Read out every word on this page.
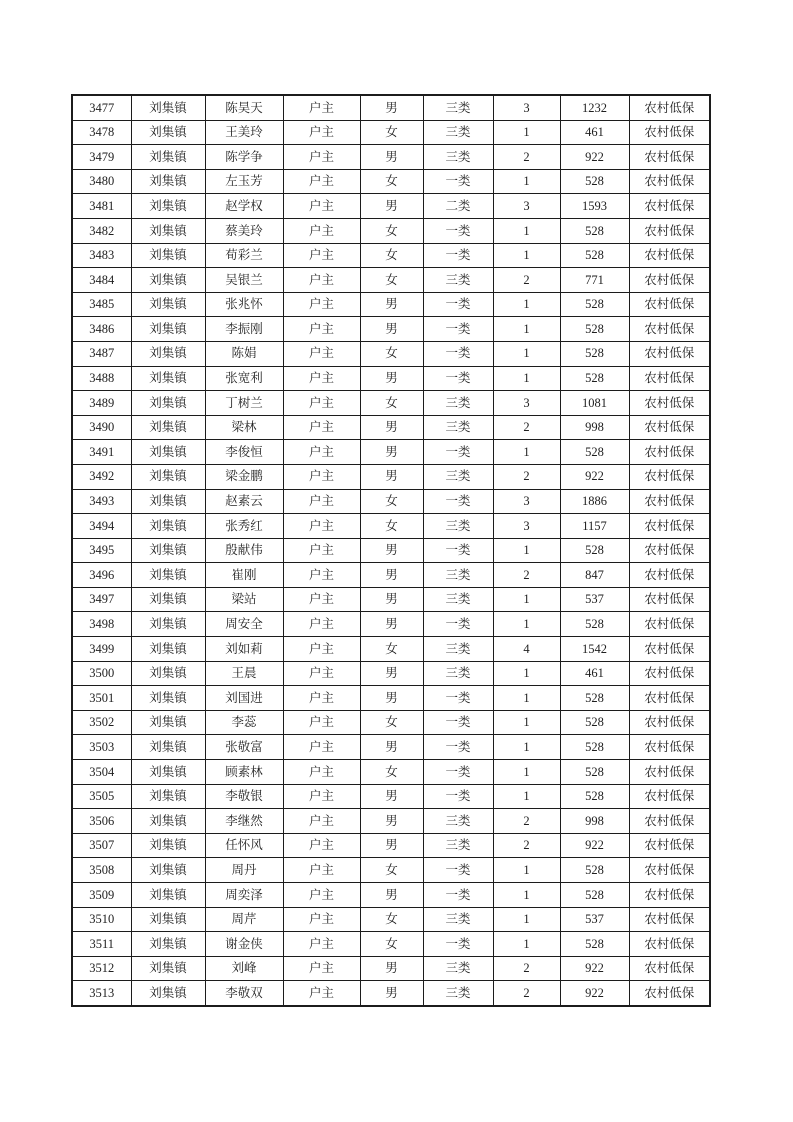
3477	刘集镇	陈昊天	户主	男	三类	3	1232	农村低保
3478	刘集镇	王美玲	户主	女	三类	1	461	农村低保
3479	刘集镇	陈学争	户主	男	三类	2	922	农村低保
3480	刘集镇	左玉芳	户主	女	一类	1	528	农村低保
3481	刘集镇	赵学权	户主	男	二类	3	1593	农村低保
3482	刘集镇	蔡美玲	户主	女	一类	1	528	农村低保
3483	刘集镇	荀彩兰	户主	女	一类	1	528	农村低保
3484	刘集镇	吴银兰	户主	女	三类	2	771	农村低保
3485	刘集镇	张兆怀	户主	男	一类	1	528	农村低保
3486	刘集镇	李振刚	户主	男	一类	1	528	农村低保
3487	刘集镇	陈娟	户主	女	一类	1	528	农村低保
3488	刘集镇	张宽利	户主	男	一类	1	528	农村低保
3489	刘集镇	丁树兰	户主	女	三类	3	1081	农村低保
3490	刘集镇	梁林	户主	男	三类	2	998	农村低保
3491	刘集镇	李俊恒	户主	男	一类	1	528	农村低保
3492	刘集镇	梁金鹏	户主	男	三类	2	922	农村低保
3493	刘集镇	赵素云	户主	女	一类	3	1886	农村低保
3494	刘集镇	张秀红	户主	女	三类	3	1157	农村低保
3495	刘集镇	殷献伟	户主	男	一类	1	528	农村低保
3496	刘集镇	崔刚	户主	男	三类	2	847	农村低保
3497	刘集镇	梁站	户主	男	三类	1	537	农村低保
3498	刘集镇	周安全	户主	男	一类	1	528	农村低保
3499	刘集镇	刘如莉	户主	女	三类	4	1542	农村低保
3500	刘集镇	王晨	户主	男	三类	1	461	农村低保
3501	刘集镇	刘国进	户主	男	一类	1	528	农村低保
3502	刘集镇	李蕊	户主	女	一类	1	528	农村低保
3503	刘集镇	张敬富	户主	男	一类	1	528	农村低保
3504	刘集镇	顾素林	户主	女	一类	1	528	农村低保
3505	刘集镇	李敬银	户主	男	一类	1	528	农村低保
3506	刘集镇	李继然	户主	男	三类	2	998	农村低保
3507	刘集镇	任怀风	户主	男	三类	2	922	农村低保
3508	刘集镇	周丹	户主	女	一类	1	528	农村低保
3509	刘集镇	周奕泽	户主	男	一类	1	528	农村低保
3510	刘集镇	周芹	户主	女	三类	1	537	农村低保
3511	刘集镇	谢金侠	户主	女	一类	1	528	农村低保
3512	刘集镇	刘峰	户主	男	三类	2	922	农村低保
3513	刘集镇	李敬双	户主	男	三类	2	922	农村低保
